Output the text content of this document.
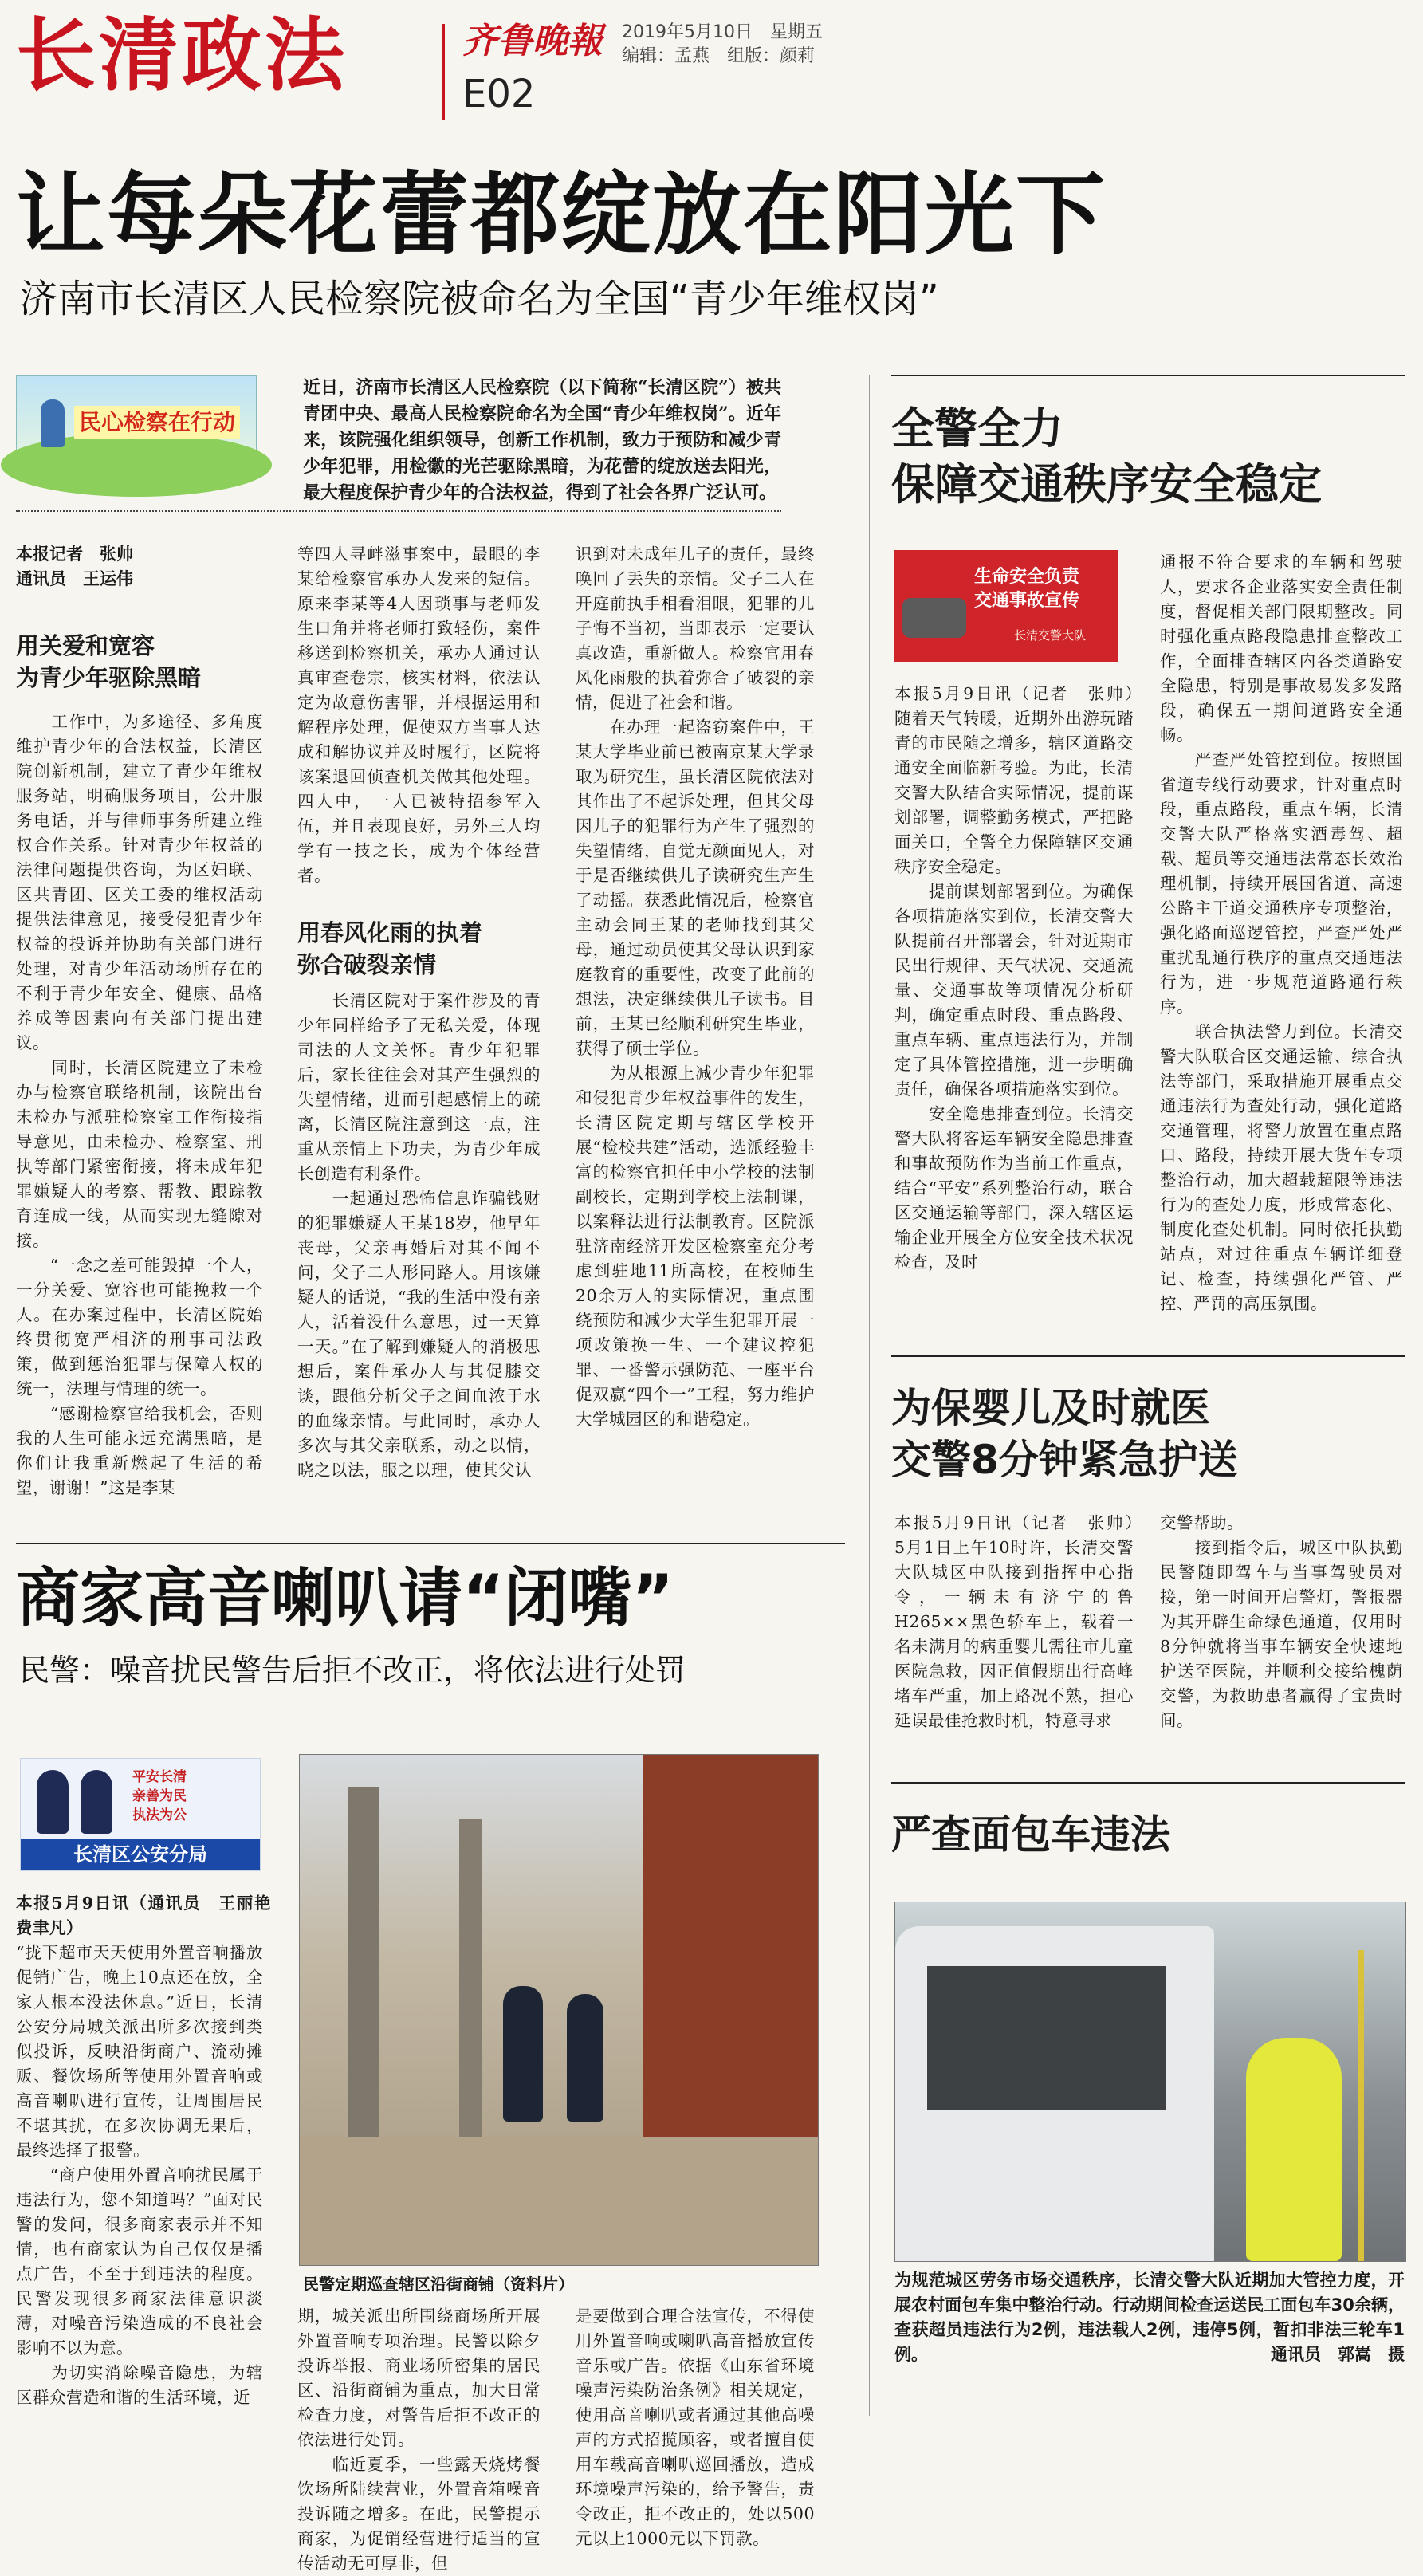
长清政法	齐鲁晚報
E02
2019年5月10日　星期五
编辑：孟燕　组版：颜莉
让每朵花蕾都绽放在阳光下
济南市长清区人民检察院被命名为全国“青少年维权岗”
民心检察在行动
近日，济南市长清区人民检察院（以下简称“长清区院”）被共青团中央、最高人民检察院命名为全国“青少年维权岗”。近年来，该院强化组织领导，创新工作机制，致力于预防和减少青少年犯罪，用检徽的光芒驱除黑暗，为花蕾的绽放送去阳光，最大程度保护青少年的合法权益，得到了社会各界广泛认可。
本报记者　张帅
通讯员　王运伟
用关爱和宽容
为青少年驱除黑暗
　　工作中，为多途径、多角度维护青少年的合法权益，长清区院创新机制，建立了青少年维权服务站，明确服务项目，公开服务电话，并与律师事务所建立维权合作关系。针对青少年权益的法律问题提供咨询，为区妇联、区共青团、区关工委的维权活动提供法律意见，接受侵犯青少年权益的投诉并协助有关部门进行处理，对青少年活动场所存在的不利于青少年安全、健康、品格养成等因素向有关部门提出建议。
　　同时，长清区院建立了未检办与检察官联络机制，该院出台未检办与派驻检察室工作衔接指导意见，由未检办、检察室、刑执等部门紧密衔接，将未成年犯罪嫌疑人的考察、帮教、跟踪教育连成一线，从而实现无缝隙对接。
　　“一念之差可能毁掉一个人，一分关爱、宽容也可能挽救一个人。在办案过程中，长清区院始终贯彻宽严相济的刑事司法政策，做到惩治犯罪与保障人权的统一，法理与情理的统一。
　　“感谢检察官给我机会，否则我的人生可能永远充满黑暗，是你们让我重新燃起了生活的希望，谢谢！”这是李某
等四人寻衅滋事案中，最眼的李某给检察官承办人发来的短信。原来李某等4人因琐事与老师发生口角并将老师打致轻伤，案件移送到检察机关，承办人通过认真审查卷宗，核实材料，依法认定为故意伤害罪，并根据运用和解程序处理，促使双方当事人达成和解协议并及时履行，区院将该案退回侦查机关做其他处理。四人中，一人已被特招参军入伍，并且表现良好，另外三人均学有一技之长，成为个体经营者。
用春风化雨的执着
弥合破裂亲情
　　长清区院对于案件涉及的青少年同样给予了无私关爱，体现司法的人文关怀。青少年犯罪后，家长往往会对其产生强烈的失望情绪，进而引起感情上的疏离，长清区院注意到这一点，注重从亲情上下功夫，为青少年成长创造有利条件。
　　一起通过恐怖信息诈骗钱财的犯罪嫌疑人王某18岁，他早年丧母，父亲再婚后对其不闻不问，父子二人形同路人。用该嫌疑人的话说，“我的生活中没有亲人，活着没什么意思，过一天算一天。”在了解到嫌疑人的消极思想后，案件承办人与其促膝交谈，跟他分析父子之间血浓于水的血缘亲情。与此同时，承办人多次与其父亲联系，动之以情，晓之以法，服之以理，使其父认
识到对未成年儿子的责任，最终唤回了丢失的亲情。父子二人在开庭前执手相看泪眼，犯罪的儿子悔不当初，当即表示一定要认真改造，重新做人。检察官用春风化雨般的执着弥合了破裂的亲情，促进了社会和谐。
　　在办理一起盗窃案件中，王某大学毕业前已被南京某大学录取为研究生，虽长清区院依法对其作出了不起诉处理，但其父母因儿子的犯罪行为产生了强烈的失望情绪，自觉无颜面见人，对于是否继续供儿子读研究生产生了动摇。获悉此情况后，检察官主动会同王某的老师找到其父母，通过动员使其父母认识到家庭教育的重要性，改变了此前的想法，决定继续供儿子读书。目前，王某已经顺利研究生毕业，获得了硕士学位。
　　为从根源上减少青少年犯罪和侵犯青少年权益事件的发生，长清区院定期与辖区学校开展“检校共建”活动，选派经验丰富的检察官担任中小学校的法制副校长，定期到学校上法制课，以案释法进行法制教育。区院派驻济南经济开发区检察室充分考虑到驻地11所高校，在校师生20余万人的实际情况，重点围绕预防和减少大学生犯罪开展一项改策换一生、一个建议控犯罪、一番警示强防范、一座平台促双赢“四个一”工程，努力维护大学城园区的和谐稳定。
商家高音喇叭请“闭嘴”
民警：噪音扰民警告后拒不改正，将依法进行处罚
平安长清
亲善为民
执法为公
长清区公安分局
民警定期巡查辖区沿街商铺（资料片）
本报5月9日讯（通讯员　王丽艳　费聿凡）
“拢下超市天天使用外置音响播放促销广告，晚上10点还在放，全家人根本没法休息。”近日，长清公安分局城关派出所多次接到类似投诉，反映沿街商户、流动摊贩、餐饮场所等使用外置音响或高音喇叭进行宣传，让周围居民不堪其扰，在多次协调无果后，最终选择了报警。
　　“商户使用外置音响扰民属于违法行为，您不知道吗？”面对民警的发问，很多商家表示并不知情，也有商家认为自己仅仅是播点广告，不至于到违法的程度。民警发现很多商家法律意识淡薄，对噪音污染造成的不良社会影响不以为意。
　　为切实消除噪音隐患，为辖区群众营造和谐的生活环境，近
期，城关派出所围绕商场所开展外置音响专项治理。民警以除夕投诉举报、商业场所密集的居民区、沿街商铺为重点，加大日常检查力度，对警告后拒不改正的依法进行处罚。
　　临近夏季，一些露天烧烤餐饮场所陆续营业，外置音箱噪音投诉随之增多。在此，民警提示商家，为促销经营进行适当的宣传活动无可厚非，但
是要做到合理合法宣传，不得使用外置音响或喇叭高音播放宣传音乐或广告。依据《山东省环境噪声污染防治条例》相关规定，使用高音喇叭或者通过其他高噪声的方式招揽顾客，或者擅自使用车载高音喇叭巡回播放，造成环境噪声污染的，给予警告，责令改正，拒不改正的，处以500元以上1000元以下罚款。
全警全力
保障交通秩序安全稳定
生命安全负责
交通事故宣传
长清交警大队
本报5月9日讯（记者　张帅）　随着天气转暖，近期外出游玩踏青的市民随之增多，辖区道路交通安全面临新考验。为此，长清交警大队结合实际情况，提前谋划部署，调整勤务模式，严把路面关口，全警全力保障辖区交通秩序安全稳定。
　　提前谋划部署到位。为确保各项措施落实到位，长清交警大队提前召开部署会，针对近期市民出行规律、天气状况、交通流量、交通事故等项情况分析研判，确定重点时段、重点路段、重点车辆、重点违法行为，并制定了具体管控措施，进一步明确责任，确保各项措施落实到位。
　　安全隐患排查到位。长清交警大队将客运车辆安全隐患排查和事故预防作为当前工作重点，结合“平安”系列整治行动，联合区交通运输等部门，深入辖区运输企业开展全方位安全技术状况检查，及时
通报不符合要求的车辆和驾驶人，要求各企业落实安全责任制度，督促相关部门限期整改。同时强化重点路段隐患排查整改工作，全面排查辖区内各类道路安全隐患，特别是事故易发多发路段，确保五一期间道路安全通畅。
　　严查严处管控到位。按照国省道专线行动要求，针对重点时段，重点路段，重点车辆，长清交警大队严格落实酒毒驾、超载、超员等交通违法常态长效治理机制，持续开展国省道、高速公路主干道交通秩序专项整治，强化路面巡逻管控，严查严处严重扰乱通行秩序的重点交通违法行为，进一步规范道路通行秩序。
　　联合执法警力到位。长清交警大队联合区交通运输、综合执法等部门，采取措施开展重点交通违法行为查处行动，强化道路交通管理，将警力放置在重点路口、路段，持续开展大货车专项整治行动，加大超载超限等违法行为的查处力度，形成常态化、制度化查处机制。同时依托执勤站点，对过往重点车辆详细登记、检查，持续强化严管、严控、严罚的高压氛围。
为保婴儿及时就医
交警8分钟紧急护送
本报5月9日讯（记者　张帅）　5月1日上午10时许，长清交警大队城区中队接到指挥中心指令，一辆未有济宁的鲁H265××黑色轿车上，载着一名未满月的病重婴儿需往市儿童医院急救，因正值假期出行高峰堵车严重，加上路况不熟，担心延误最佳抢救时机，特意寻求
交警帮助。
　　接到指令后，城区中队执勤民警随即驾车与当事驾驶员对接，第一时间开启警灯，警报器为其开辟生命绿色通道，仅用时8分钟就将当事车辆安全快速地护送至医院，并顺利交接给槐荫交警，为救助患者赢得了宝贵时间。
严查面包车违法
为规范城区劳务市场交通秩序，长清交警大队近期加大管控力度，开展农村面包车集中整治行动。行动期间检查运送民工面包车30余辆，查获超员违法行为2例，违法载人2例，违停5例，暂扣非法三轮车1例。	通讯员　郭嵩　摄
